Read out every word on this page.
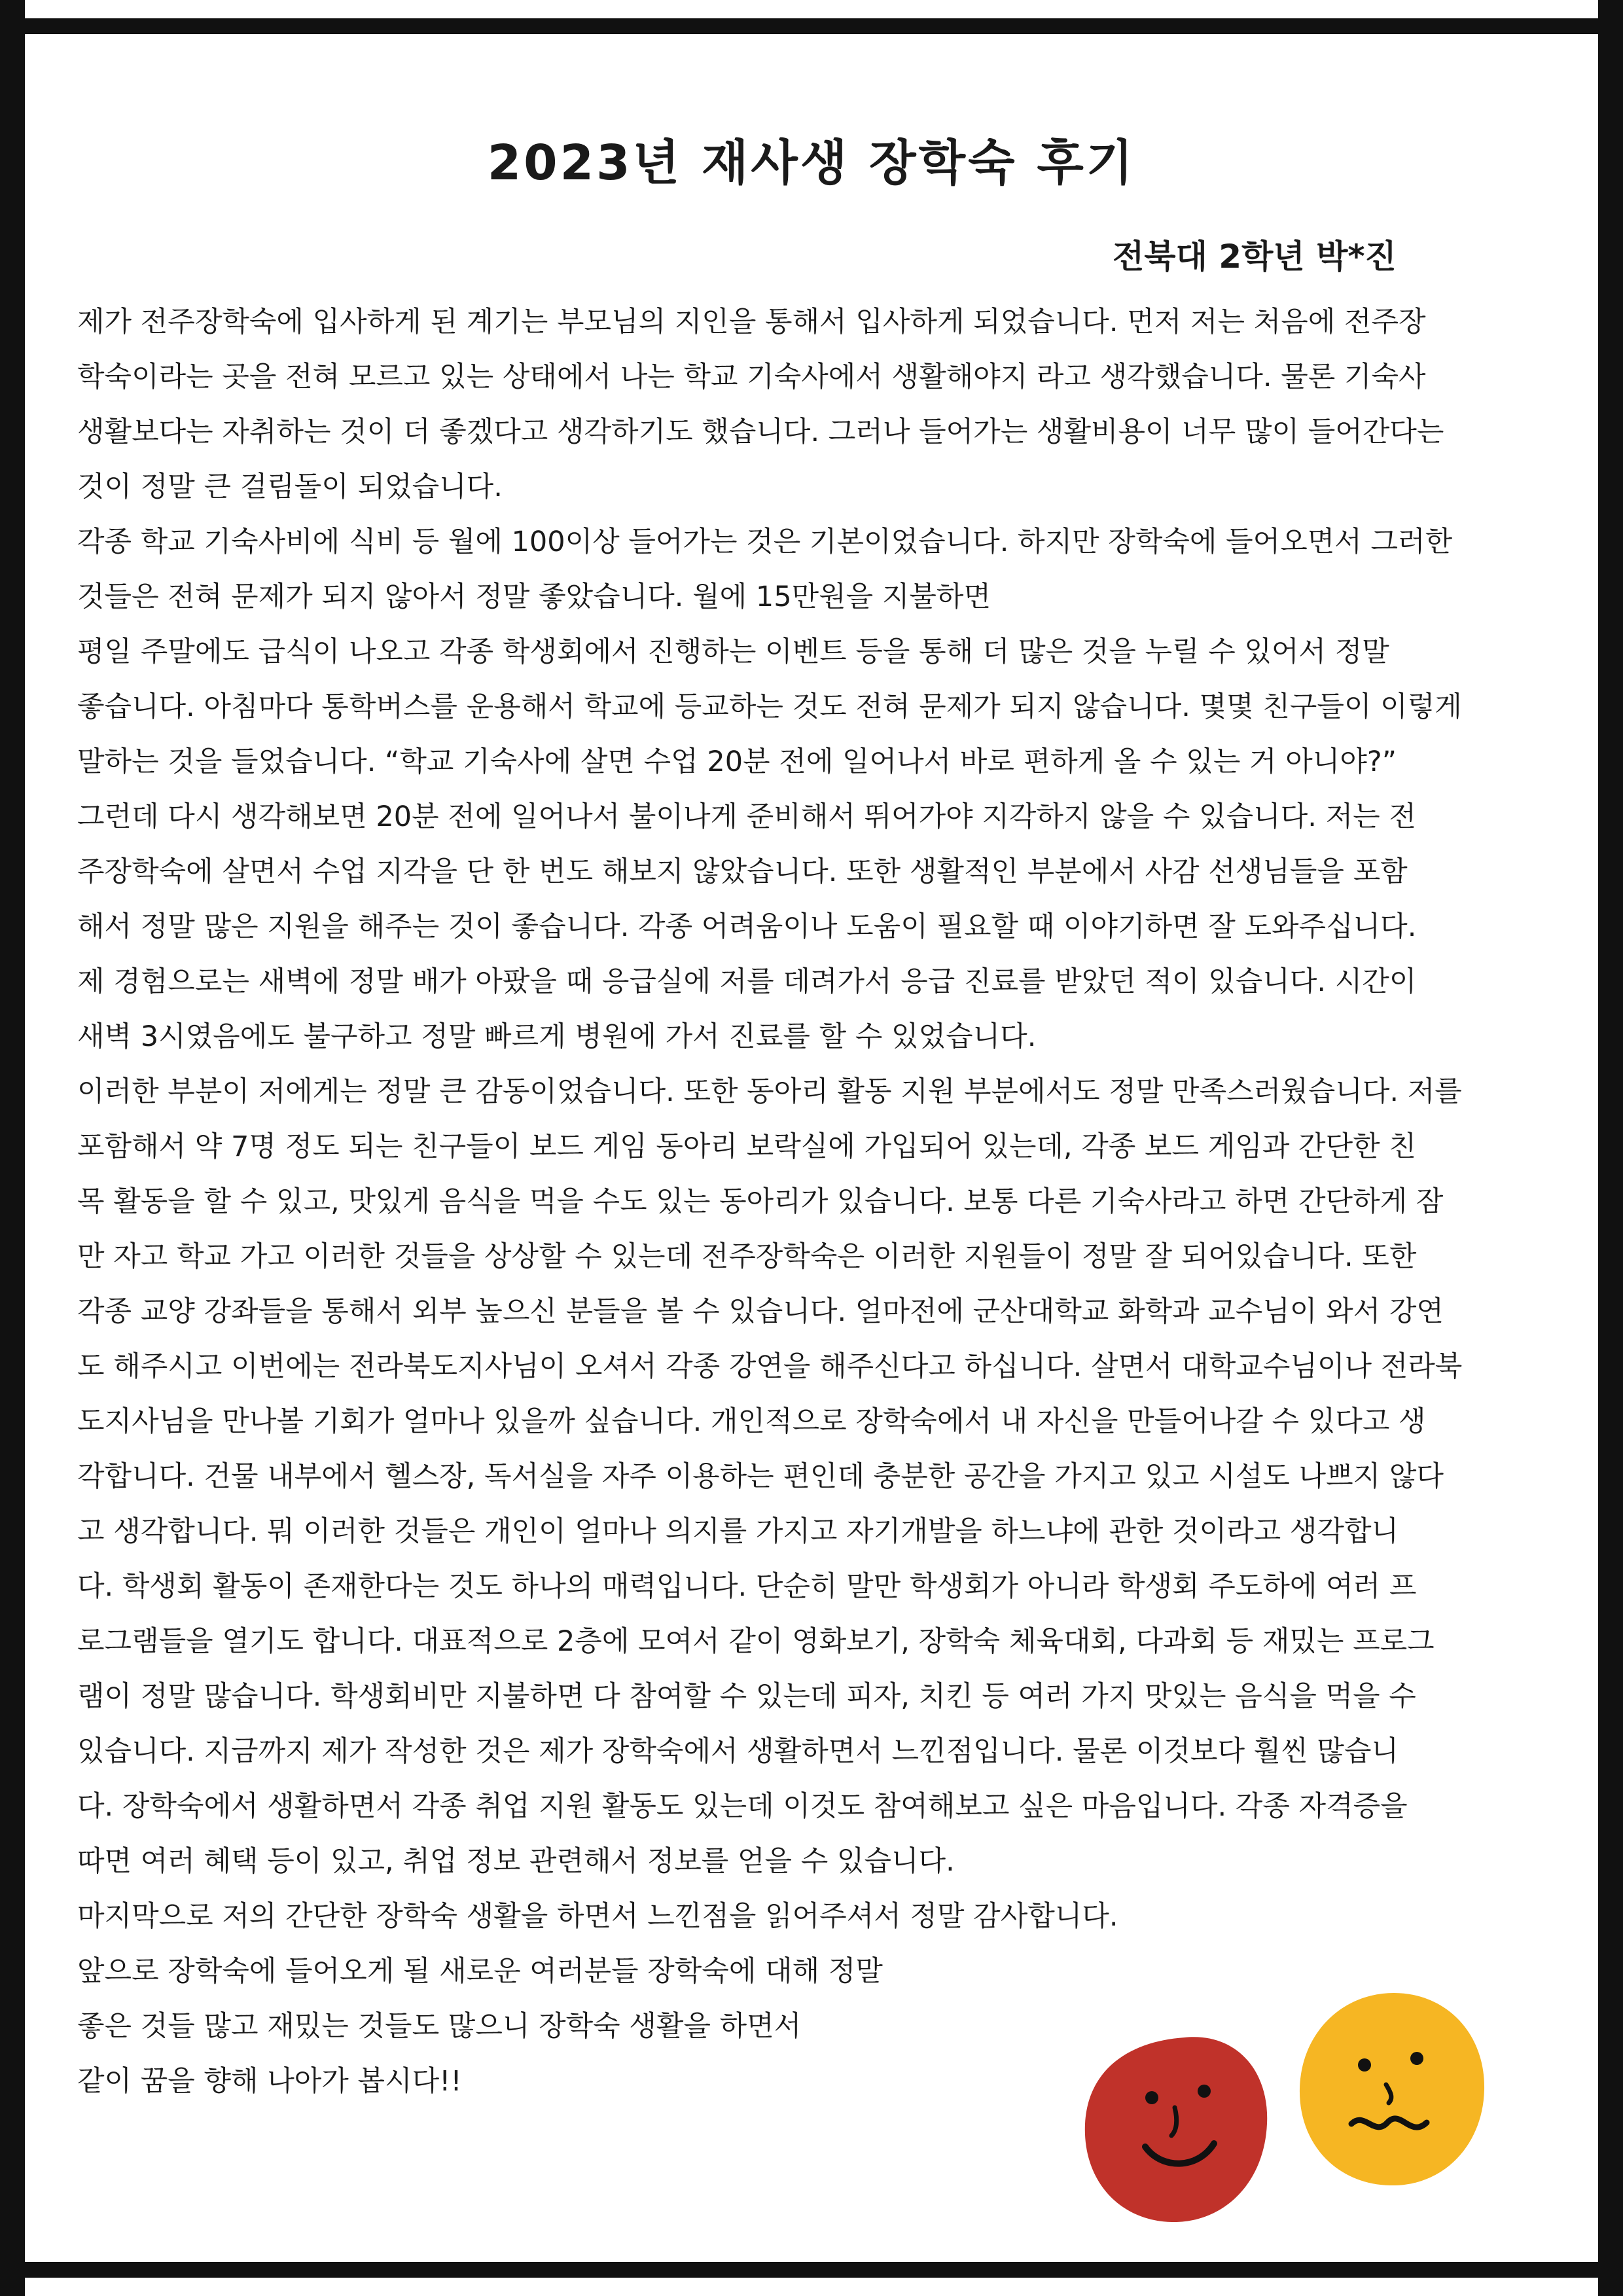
2023년 재사생 장학숙 후기

전북대 2학년 박*진

제가 전주장학숙에 입사하게 된 계기는 부모님의 지인을 통해서 입사하게 되었습니다. 먼저 저는 처음에 전주장
학숙이라는 곳을 전혀 모르고 있는 상태에서 나는 학교 기숙사에서 생활해야지 라고 생각했습니다. 물론 기숙사
생활보다는 자취하는 것이 더 좋겠다고 생각하기도 했습니다. 그러나 들어가는 생활비용이 너무 많이 들어간다는
것이 정말 큰 걸림돌이 되었습니다.
각종 학교 기숙사비에 식비 등 월에 100이상 들어가는 것은 기본이었습니다. 하지만 장학숙에 들어오면서 그러한
것들은 전혀 문제가 되지 않아서 정말 좋았습니다. 월에 15만원을 지불하면
평일 주말에도 급식이 나오고 각종 학생회에서 진행하는 이벤트 등을 통해 더 많은 것을 누릴 수 있어서 정말
좋습니다. 아침마다 통학버스를 운용해서 학교에 등교하는 것도 전혀 문제가 되지 않습니다. 몇몇 친구들이 이렇게
말하는 것을 들었습니다. “학교 기숙사에 살면 수업 20분 전에 일어나서 바로 편하게 올 수 있는 거 아니야?”
그런데 다시 생각해보면 20분 전에 일어나서 불이나게 준비해서 뛰어가야 지각하지 않을 수 있습니다. 저는 전
주장학숙에 살면서 수업 지각을 단 한 번도 해보지 않았습니다. 또한 생활적인 부분에서 사감 선생님들을 포함
해서 정말 많은 지원을 해주는 것이 좋습니다. 각종 어려움이나 도움이 필요할 때 이야기하면 잘 도와주십니다.
제 경험으로는 새벽에 정말 배가 아팠을 때 응급실에 저를 데려가서 응급 진료를 받았던 적이 있습니다. 시간이
새벽 3시였음에도 불구하고 정말 빠르게 병원에 가서 진료를 할 수 있었습니다.
이러한 부분이 저에게는 정말 큰 감동이었습니다. 또한 동아리 활동 지원 부분에서도 정말 만족스러웠습니다. 저를
포함해서 약 7명 정도 되는 친구들이 보드 게임 동아리 보락실에 가입되어 있는데, 각종 보드 게임과 간단한 친
목 활동을 할 수 있고, 맛있게 음식을 먹을 수도 있는 동아리가 있습니다. 보통 다른 기숙사라고 하면 간단하게 잠
만 자고 학교 가고 이러한 것들을 상상할 수 있는데 전주장학숙은 이러한 지원들이 정말 잘 되어있습니다. 또한
각종 교양 강좌들을 통해서 외부 높으신 분들을 볼 수 있습니다. 얼마전에 군산대학교 화학과 교수님이 와서 강연
도 해주시고 이번에는 전라북도지사님이 오셔서 각종 강연을 해주신다고 하십니다. 살면서 대학교수님이나 전라북
도지사님을 만나볼 기회가 얼마나 있을까 싶습니다. 개인적으로 장학숙에서 내 자신을 만들어나갈 수 있다고 생
각합니다. 건물 내부에서 헬스장, 독서실을 자주 이용하는 편인데 충분한 공간을 가지고 있고 시설도 나쁘지 않다
고 생각합니다. 뭐 이러한 것들은 개인이 얼마나 의지를 가지고 자기개발을 하느냐에 관한 것이라고 생각합니
다. 학생회 활동이 존재한다는 것도 하나의 매력입니다. 단순히 말만 학생회가 아니라 학생회 주도하에 여러 프
로그램들을 열기도 합니다. 대표적으로 2층에 모여서 같이 영화보기, 장학숙 체육대회, 다과회 등 재밌는 프로그
램이 정말 많습니다. 학생회비만 지불하면 다 참여할 수 있는데 피자, 치킨 등 여러 가지 맛있는 음식을 먹을 수
있습니다. 지금까지 제가 작성한 것은 제가 장학숙에서 생활하면서 느낀점입니다. 물론 이것보다 훨씬 많습니
다. 장학숙에서 생활하면서 각종 취업 지원 활동도 있는데 이것도 참여해보고 싶은 마음입니다. 각종 자격증을
따면 여러 혜택 등이 있고, 취업 정보 관련해서 정보를 얻을 수 있습니다.
마지막으로 저의 간단한 장학숙 생활을 하면서 느낀점을 읽어주셔서 정말 감사합니다.
앞으로 장학숙에 들어오게 될 새로운 여러분들 장학숙에 대해 정말
좋은 것들 많고 재밌는 것들도 많으니 장학숙 생활을 하면서
같이 꿈을 향해 나아가 봅시다!!
